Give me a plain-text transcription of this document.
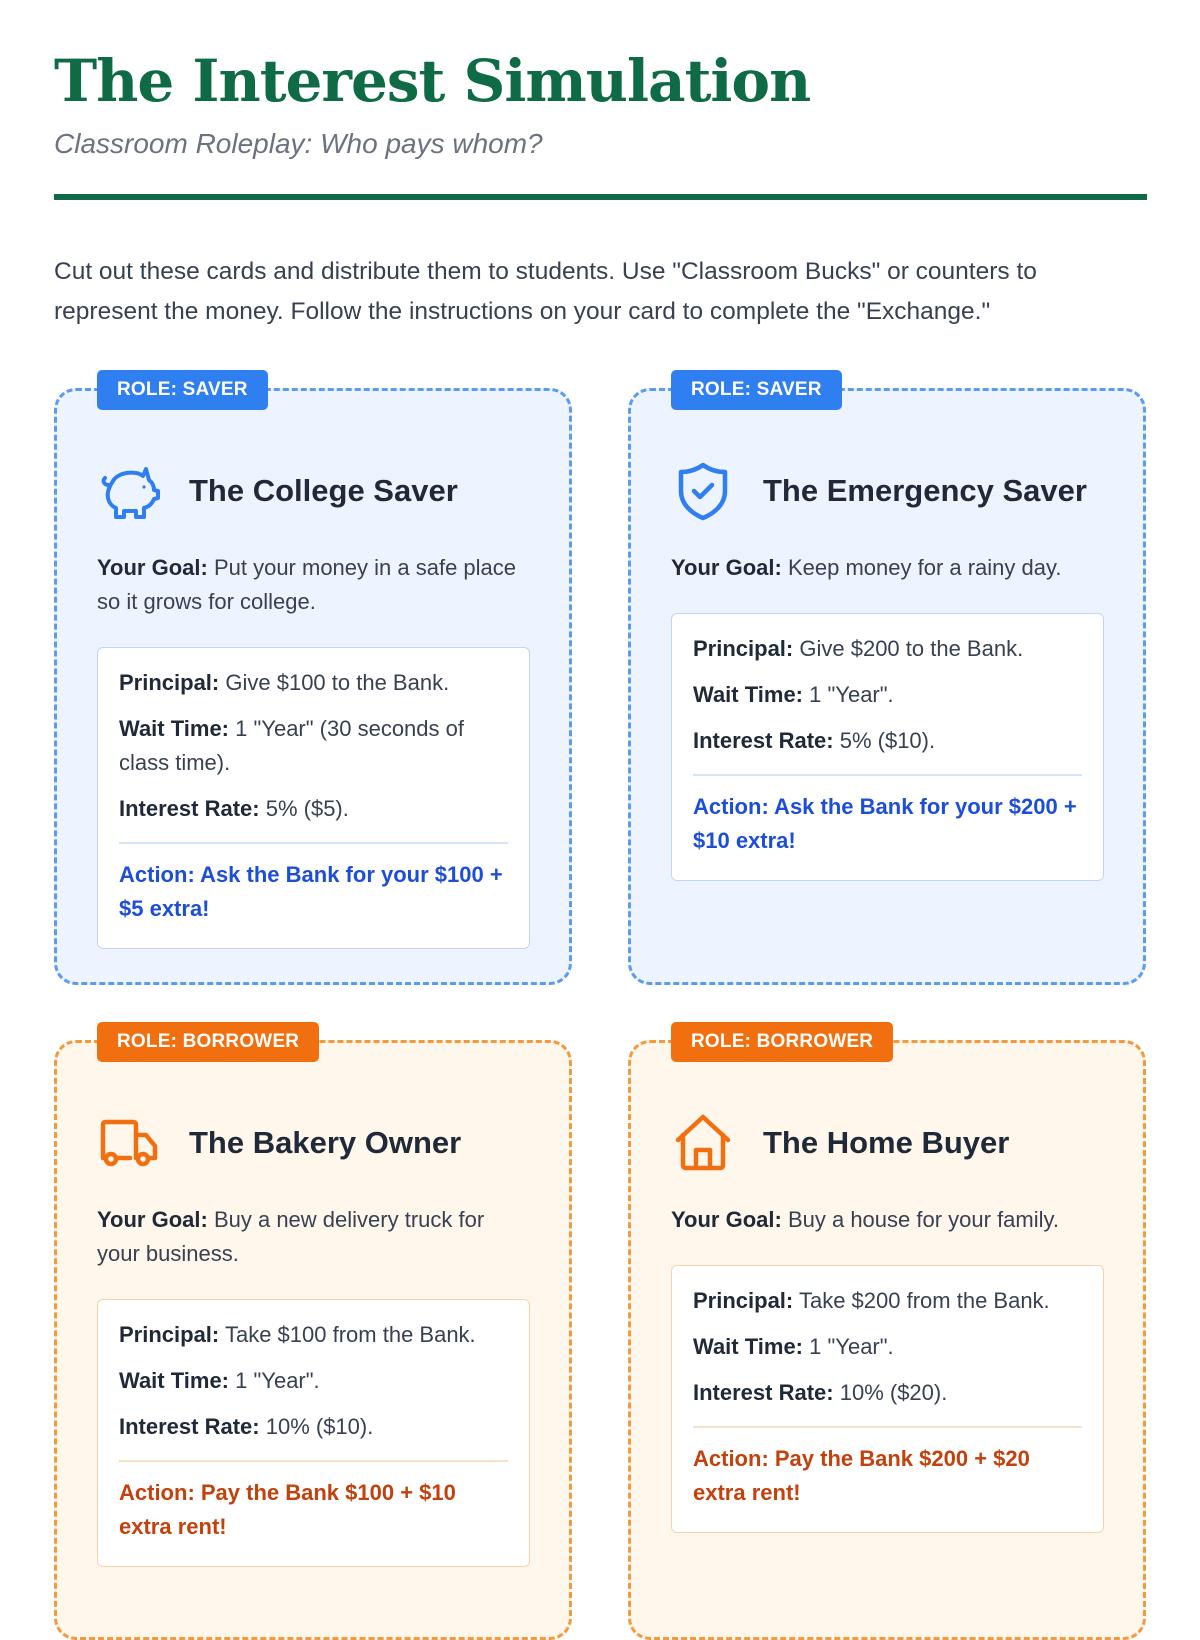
The Interest Simulation
Classroom Roleplay: Who pays whom?

Cut out these cards and distribute them to students. Use "Classroom Bucks" or counters to represent the money. Follow the instructions on your card to complete the "Exchange."

ROLE: SAVER
The College Saver

Your Goal: Put your money in a safe place so it grows for college.

Principal: Give $100 to the Bank.

Wait Time: 1 "Year" (30 seconds of class time).

Interest Rate: 5% ($5).

Action: Ask the Bank for your $100 + $5 extra!

ROLE: SAVER
The Emergency Saver

Your Goal: Keep money for a rainy day.

Principal: Give $200 to the Bank.

Wait Time: 1 "Year".

Interest Rate: 5% ($10).

Action: Ask the Bank for your $200 + $10 extra!

ROLE: BORROWER
The Bakery Owner

Your Goal: Buy a new delivery truck for your business.

Principal: Take $100 from the Bank.

Wait Time: 1 "Year".

Interest Rate: 10% ($10).

Action: Pay the Bank $100 + $10 extra rent!

ROLE: BORROWER
The Home Buyer

Your Goal: Buy a house for your family.

Principal: Take $200 from the Bank.

Wait Time: 1 "Year".

Interest Rate: 10% ($20).

Action: Pay the Bank $200 + $20 extra rent!
